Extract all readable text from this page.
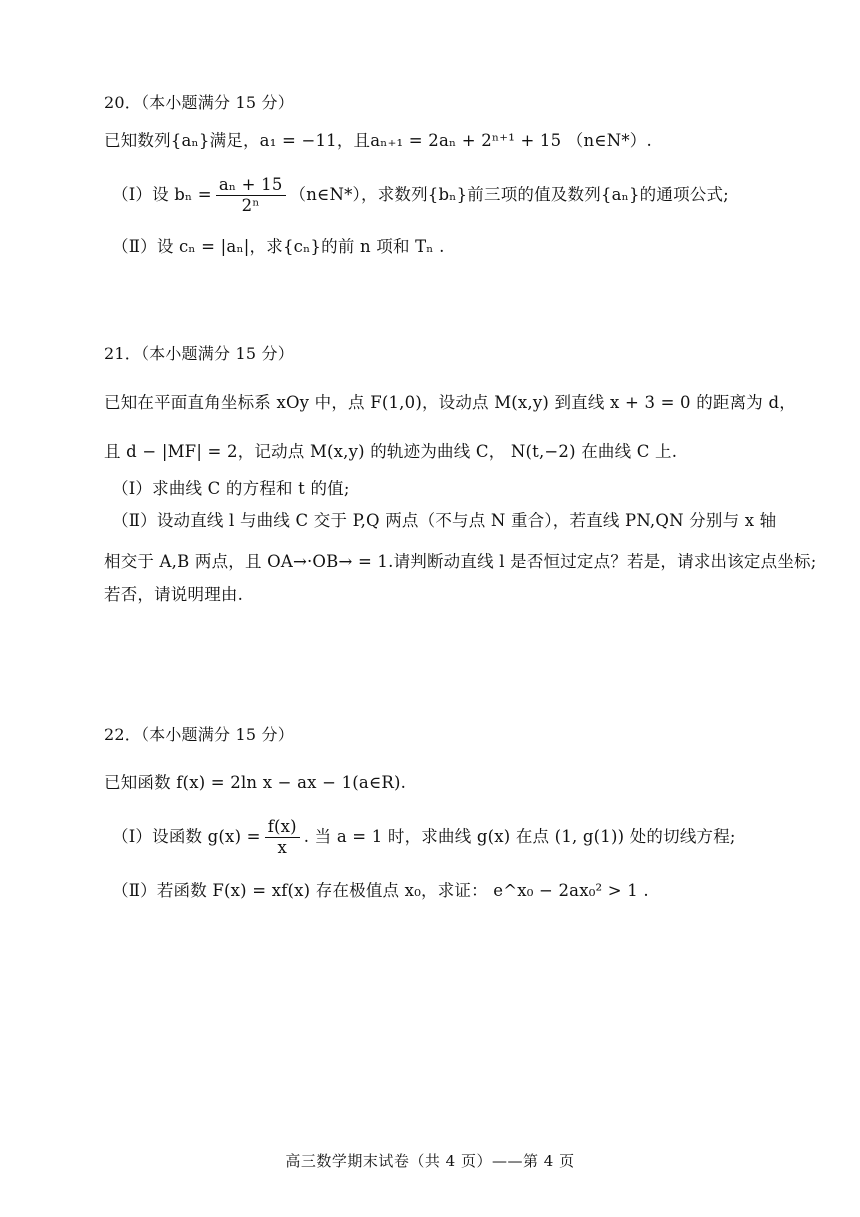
20．（本小题满分 15 分）
已知数列{aₙ}满足，a₁ = −11，且aₙ₊₁ = 2aₙ + 2ⁿ⁺¹ + 15 （n∈N*）.
（Ⅰ）设 $b_n = \frac{\text{aₙ + 15}}{\text{2ⁿ}}$ （n∈N*），求数列{bₙ}前三项的值及数列{aₙ}的通项公式;
（Ⅱ）设 cₙ = |aₙ|，求{cₙ}的前 n 项和 Tₙ .
21．（本小题满分 15 分）
已知在平面直角坐标系 xOy 中，点 F(1,0)，设动点 M(x,y) 到直线 x + 3 = 0 的距离为 d，
且 d − |MF| = 2，记动点 M(x,y) 的轨迹为曲线 C， N(t,−2) 在曲线 C 上.
（Ⅰ）求曲线 C 的方程和 t 的值;
（Ⅱ）设动直线 l 与曲线 C 交于 P,Q 两点（不与点 N 重合），若直线 PN,QN 分别与 x 轴
相交于 A,B 两点，且 OA→·OB→ = 1.请判断动直线 l 是否恒过定点？若是，请求出该定点坐标;
若否，请说明理由.
22．（本小题满分 15 分）
已知函数 f(x) = 2ln x − ax − 1(a∈R).
（Ⅰ）设函数 $g(x) = \frac{f(x)}{x}$ . 当 a = 1 时，求曲线 g(x) 在点 (1, g(1)) 处的切线方程;
（Ⅱ）若函数 F(x) = xf(x) 存在极值点 x₀，求证： e^x₀ − 2ax₀² > 1 .
高三数学期末试卷（共 4 页）——第 4 页
